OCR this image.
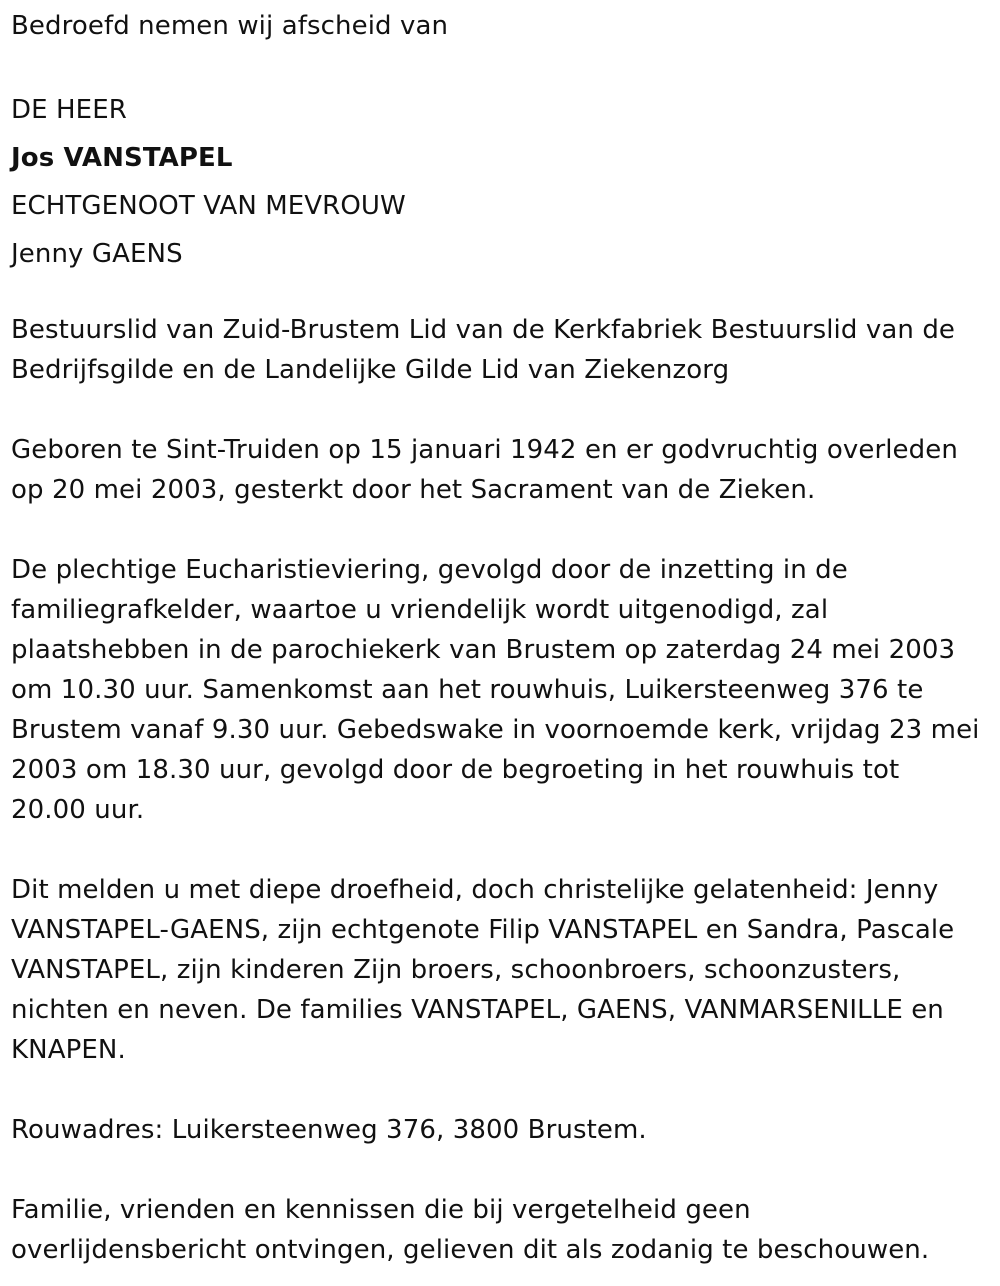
Bedroefd nemen wij afscheid van
DE HEER
Jos VANSTAPEL
ECHTGENOOT VAN MEVROUW
Jenny GAENS
Bestuurslid van Zuid-Brustem Lid van de Kerkfabriek Bestuurslid van de
Bedrijfsgilde en de Landelijke Gilde Lid van Ziekenzorg
Geboren te Sint-Truiden op 15 januari 1942 en er godvruchtig overleden
op 20 mei 2003, gesterkt door het Sacrament van de Zieken.
De plechtige Eucharistieviering, gevolgd door de inzetting in de
familiegrafkelder, waartoe u vriendelijk wordt uitgenodigd, zal
plaatshebben in de parochiekerk van Brustem op zaterdag 24 mei 2003
om 10.30 uur. Samenkomst aan het rouwhuis, Luikersteenweg 376 te
Brustem vanaf 9.30 uur. Gebedswake in voornoemde kerk, vrijdag 23 mei
2003 om 18.30 uur, gevolgd door de begroeting in het rouwhuis tot
20.00 uur.
Dit melden u met diepe droefheid, doch christelijke gelatenheid: Jenny
VANSTAPEL-GAENS, zijn echtgenote Filip VANSTAPEL en Sandra, Pascale
VANSTAPEL, zijn kinderen Zijn broers, schoonbroers, schoonzusters,
nichten en neven. De families VANSTAPEL, GAENS, VANMARSENILLE en
KNAPEN.
Rouwadres: Luikersteenweg 376, 3800 Brustem.
Familie, vrienden en kennissen die bij vergetelheid geen
overlijdensbericht ontvingen, gelieven dit als zodanig te beschouwen.
